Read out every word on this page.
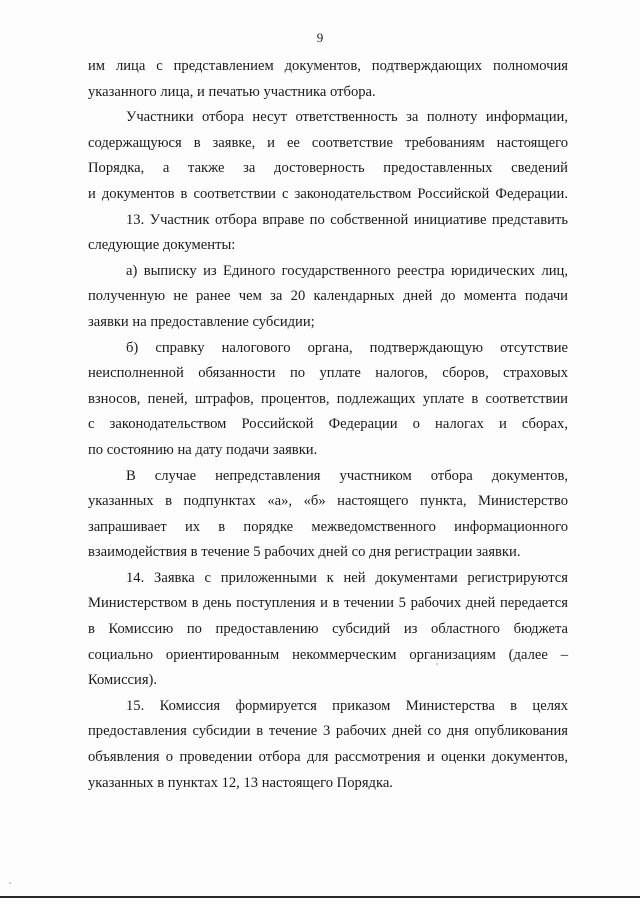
9

им лица с представлением документов, подтверждающих полномочия
указанного лица, и печатью участника отбора.

Участники отбора несут ответственность за полноту информации,
содержащуюся в заявке, и ее соответствие требованиям настоящего
Порядка, а также за достоверность предоставленных сведений
и документов в соответствии с законодательством Российской Федерации.

13. Участник отбора вправе по собственной инициативе представить
следующие документы:

а) выписку из Единого государственного реестра юридических лиц,
полученную не ранее чем за 20 календарных дней до момента подачи
заявки на предоставление субсидии;

б) справку налогового органа, подтверждающую отсутствие
неисполненной обязанности по уплате налогов, сборов, страховых
взносов, пеней, штрафов, процентов, подлежащих уплате в соответствии
с законодательством Российской Федерации о налогах и сборах,
по состоянию на дату подачи заявки.

В случае непредставления участником отбора документов,
указанных в подпунктах «а», «б» настоящего пункта, Министерство
запрашивает их в порядке межведомственного информационного
взаимодействия в течение 5 рабочих дней со дня регистрации заявки.

14. Заявка с приложенными к ней документами регистрируются
Министерством в день поступления и в течении 5 рабочих дней передается
в Комиссию по предоставлению субсидий из областного бюджета
социально ориентированным некоммерческим организациям (далее –
Комиссия).

15. Комиссия формируется приказом Министерства в целях
предоставления субсидии в течение 3 рабочих дней со дня опубликования
объявления о проведении отбора для рассмотрения и оценки документов,
указанных в пунктах 12, 13 настоящего Порядка.
